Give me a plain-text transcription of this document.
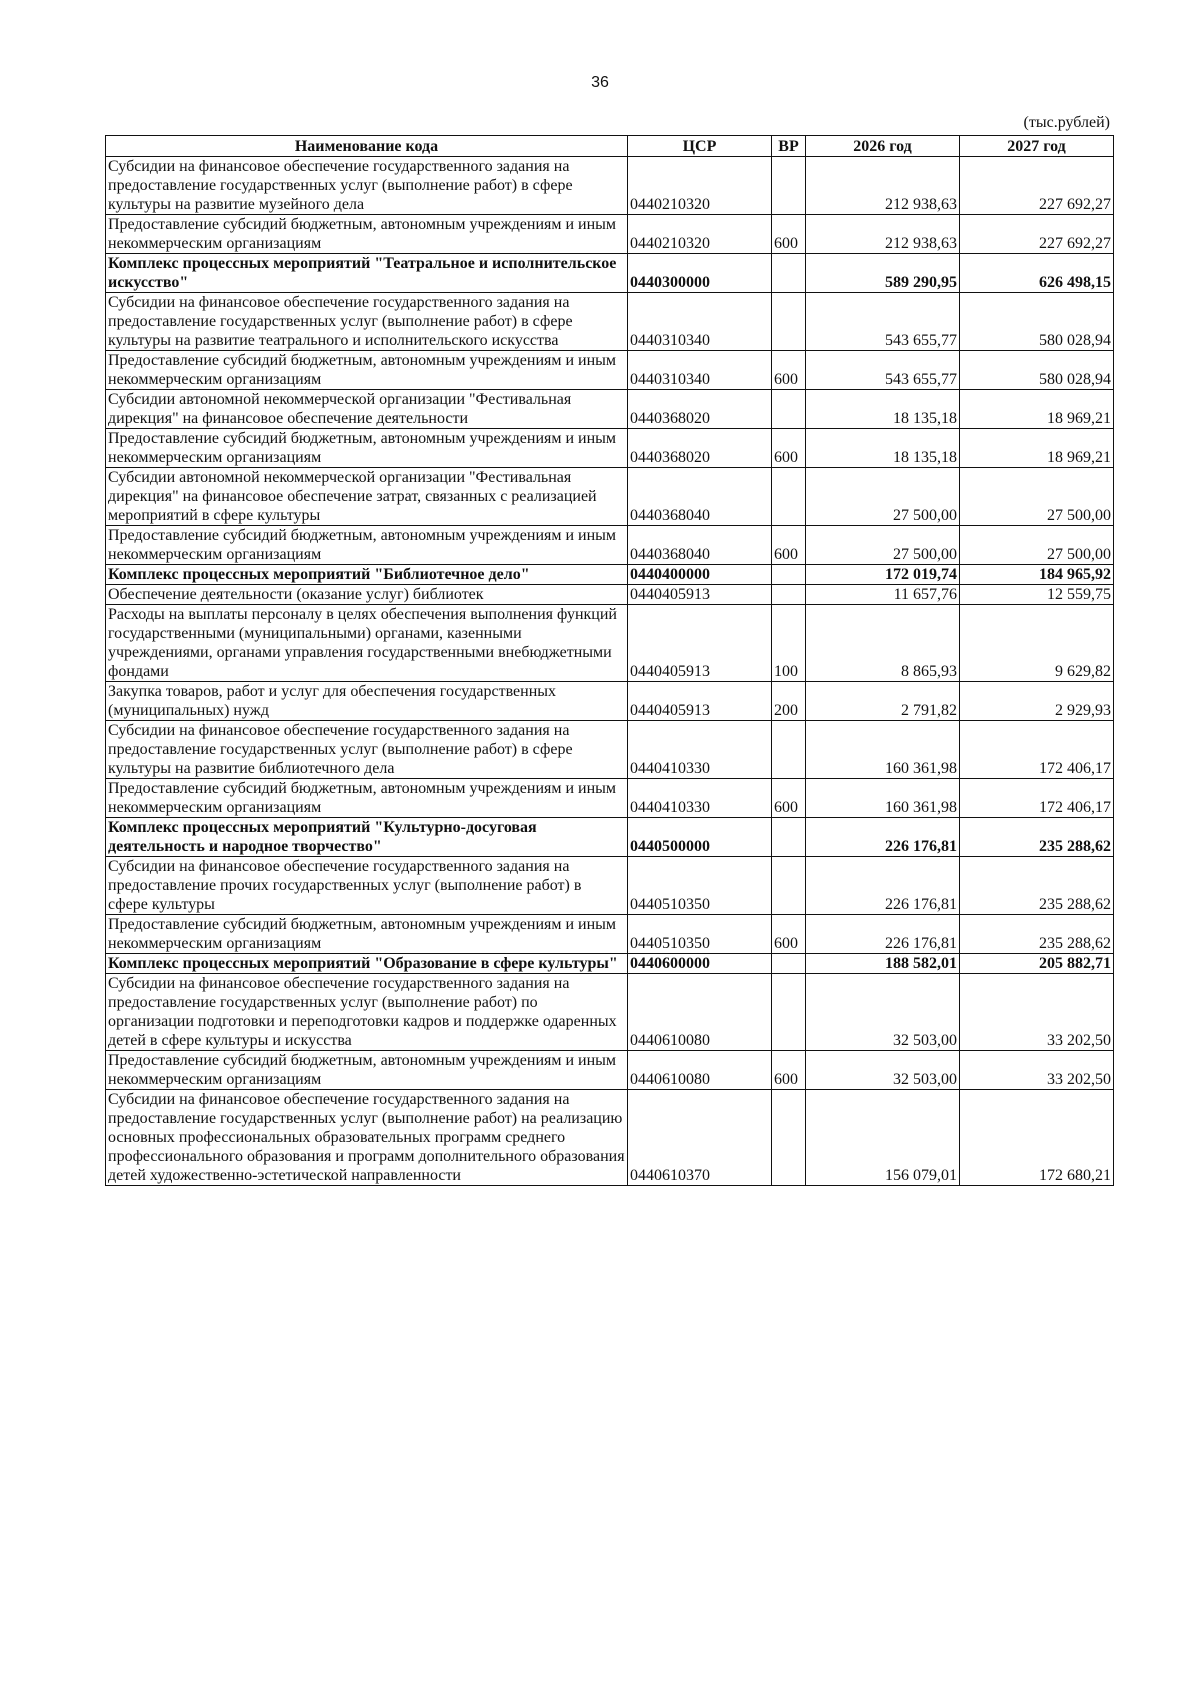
36
(тыс.рублей)
Наименование кода	ЦСР	ВР	2026 год	2027 год
Субсидии на финансовое обеспечение государственного задания на предоставление государственных услуг (выполнение работ) в сфере культуры на развитие музейного дела	0440210320		212 938,63	227 692,27
Предоставление субсидий бюджетным, автономным учреждениям и иным некоммерческим организациям	0440210320	600	212 938,63	227 692,27
Комплекс процессных мероприятий "Театральное и исполнительское искусство"	0440300000		589 290,95	626 498,15
Субсидии на финансовое обеспечение государственного задания на предоставление государственных услуг (выполнение работ) в сфере культуры на развитие театрального и исполнительского искусства	0440310340		543 655,77	580 028,94
Предоставление субсидий бюджетным, автономным учреждениям и иным некоммерческим организациям	0440310340	600	543 655,77	580 028,94
Субсидии автономной некоммерческой организации "Фестивальная дирекция" на финансовое обеспечение деятельности	0440368020		18 135,18	18 969,21
Предоставление субсидий бюджетным, автономным учреждениям и иным некоммерческим организациям	0440368020	600	18 135,18	18 969,21
Субсидии автономной некоммерческой организации "Фестивальная дирекция" на финансовое обеспечение затрат, связанных с реализацией мероприятий в сфере культуры	0440368040		27 500,00	27 500,00
Предоставление субсидий бюджетным, автономным учреждениям и иным некоммерческим организациям	0440368040	600	27 500,00	27 500,00
Комплекс процессных мероприятий "Библиотечное дело"	0440400000		172 019,74	184 965,92
Обеспечение деятельности (оказание услуг) библиотек	0440405913		11 657,76	12 559,75
Расходы на выплаты персоналу в целях обеспечения выполнения функций государственными (муниципальными) органами, казенными учреждениями, органами управления государственными внебюджетными фондами	0440405913	100	8 865,93	9 629,82
Закупка товаров, работ и услуг для обеспечения государственных (муниципальных) нужд	0440405913	200	2 791,82	2 929,93
Субсидии на финансовое обеспечение государственного задания на предоставление государственных услуг (выполнение работ) в сфере культуры на развитие библиотечного дела	0440410330		160 361,98	172 406,17
Предоставление субсидий бюджетным, автономным учреждениям и иным некоммерческим организациям	0440410330	600	160 361,98	172 406,17
Комплекс процессных мероприятий "Культурно-досуговая деятельность и народное творчество"	0440500000		226 176,81	235 288,62
Субсидии на финансовое обеспечение государственного задания на предоставление прочих государственных услуг (выполнение работ) в сфере культуры	0440510350		226 176,81	235 288,62
Предоставление субсидий бюджетным, автономным учреждениям и иным некоммерческим организациям	0440510350	600	226 176,81	235 288,62
Комплекс процессных мероприятий "Образование в сфере культуры"	0440600000		188 582,01	205 882,71
Субсидии на финансовое обеспечение государственного задания на предоставление государственных услуг (выполнение работ) по организации подготовки и переподготовки кадров и поддержке одаренных детей в сфере культуры и искусства	0440610080		32 503,00	33 202,50
Предоставление субсидий бюджетным, автономным учреждениям и иным некоммерческим организациям	0440610080	600	32 503,00	33 202,50
Субсидии на финансовое обеспечение государственного задания на предоставление государственных услуг (выполнение работ) на реализацию основных профессиональных образовательных программ среднего профессионального образования и программ дополнительного образования детей художественно-эстетической направленности	0440610370		156 079,01	172 680,21
